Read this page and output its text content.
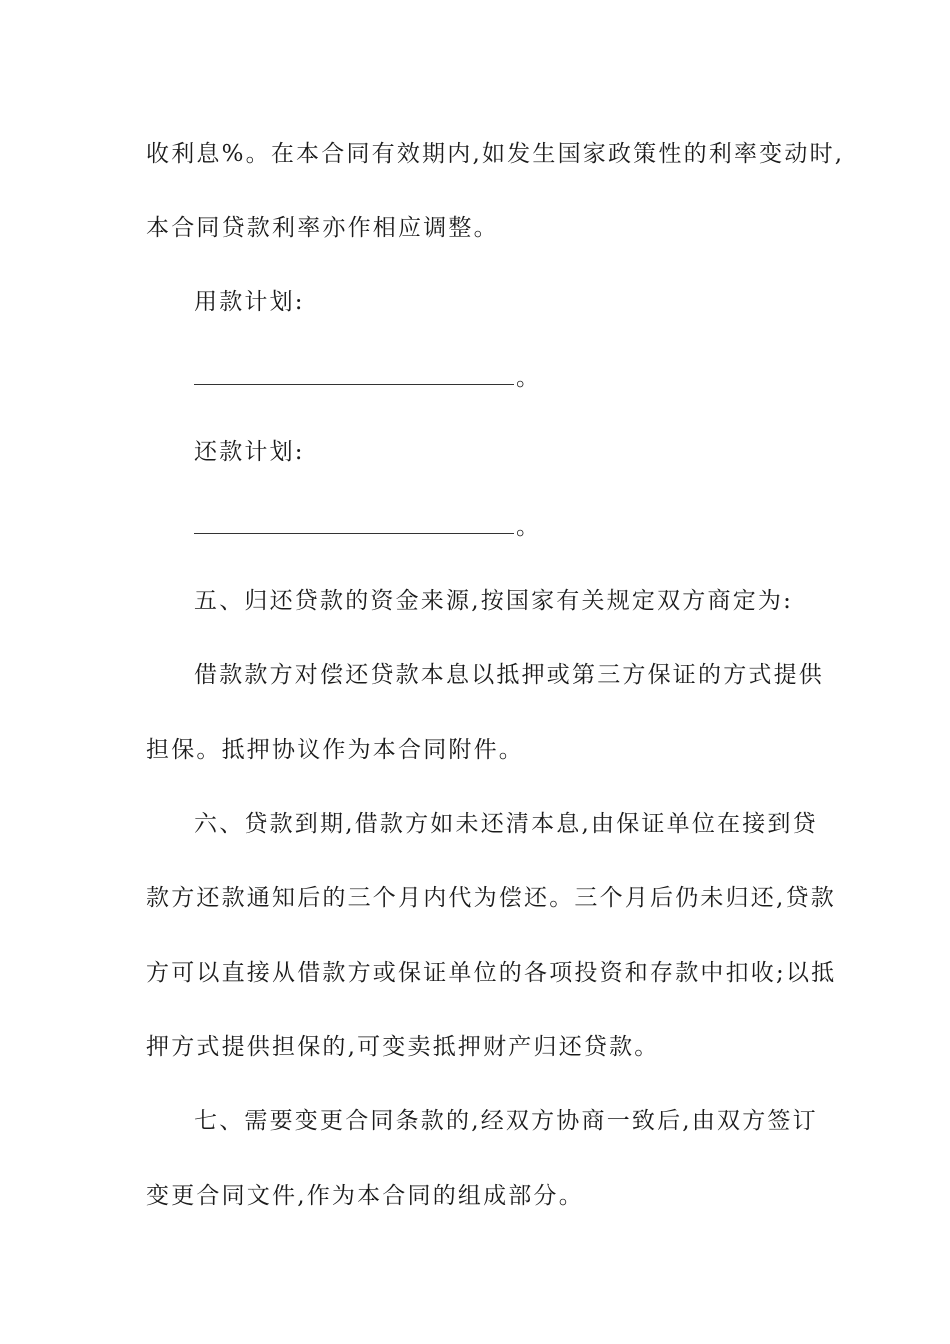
收利息%。在本合同有效期内,如发生国家政策性的利率变动时,
本合同贷款利率亦作相应调整。
用款计划:
。
还款计划:
。
五、归还贷款的资金来源,按国家有关规定双方商定为:
借款款方对偿还贷款本息以抵押或第三方保证的方式提供
担保。抵押协议作为本合同附件。
六、贷款到期,借款方如未还清本息,由保证单位在接到贷
款方还款通知后的三个月内代为偿还。三个月后仍未归还,贷款
方可以直接从借款方或保证单位的各项投资和存款中扣收;以抵
押方式提供担保的,可变卖抵押财产归还贷款。
七、需要变更合同条款的,经双方协商一致后,由双方签订
变更合同文件,作为本合同的组成部分。
